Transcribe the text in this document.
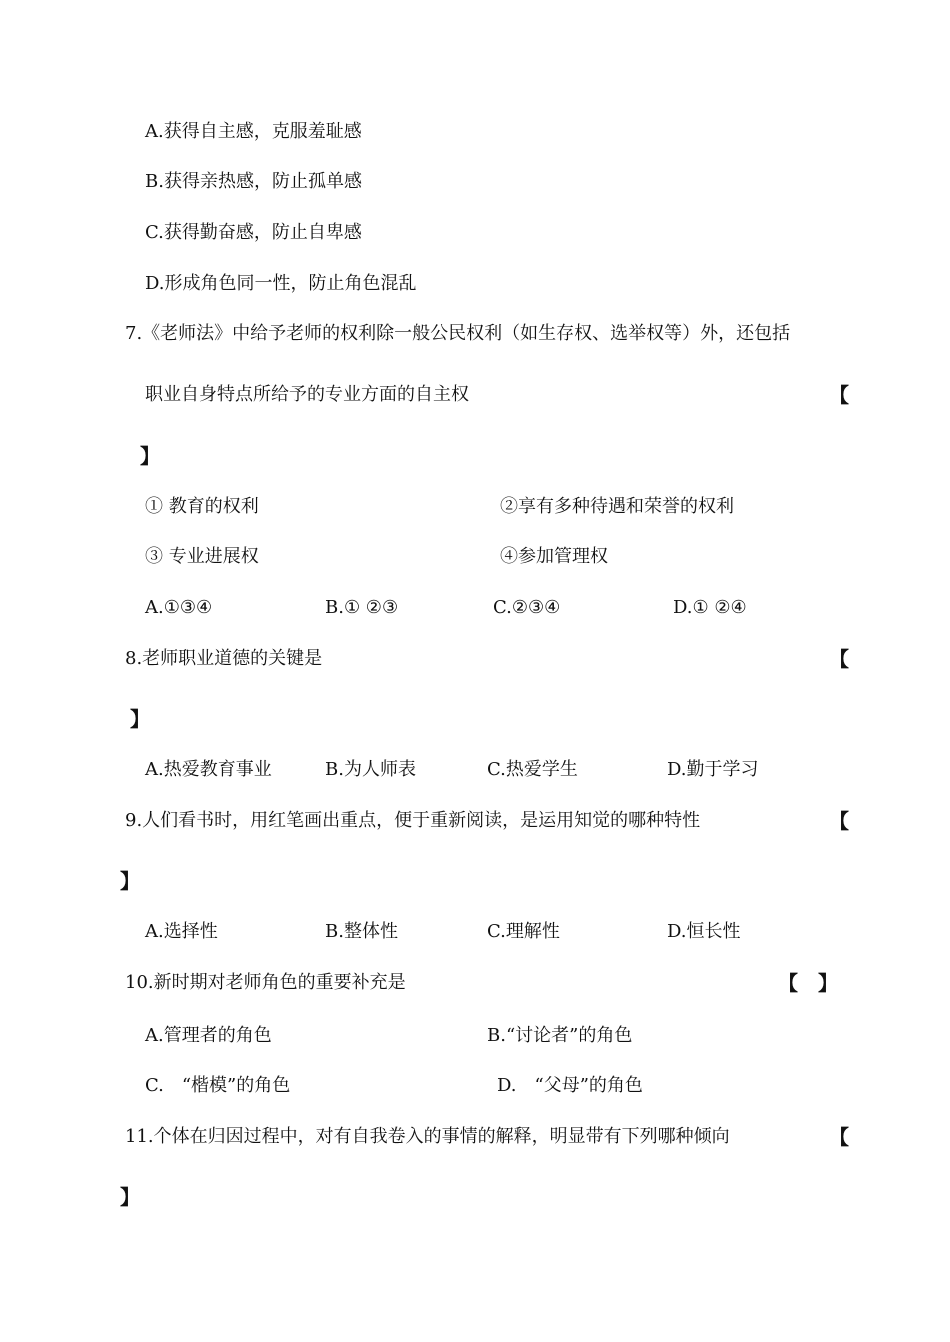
A.获得自主感，克服羞耻感
B.获得亲热感，防止孤单感
C.获得勤奋感，防止自卑感
D.形成角色同一性，防止角色混乱
7.《老师法》中给予老师的权利除一般公民权利（如生存权、选举权等）外，还包括
职业自身特点所给予的专业方面的自主权	【
】
① 教育的权利	②享有多种待遇和荣誉的权利
③ 专业进展权	④参加管理权
A.①③④	B.① ②③	C.②③④	D.① ②④
8.老师职业道德的关键是	【
】
A.热爱教育事业	B.为人师表	C.热爱学生	D.勤于学习
9.人们看书时，用红笔画出重点，便于重新阅读，是运用知觉的哪种特性	【
】
A.选择性	B.整体性	C.理解性	D.恒长性
10.新时期对老师角色的重要补充是	【　】
A.管理者的角色	B.“讨论者”的角色
C.　“楷模”的角色	D.　“父母”的角色
11.个体在归因过程中，对有自我卷入的事情的解释，明显带有下列哪种倾向	【
】
